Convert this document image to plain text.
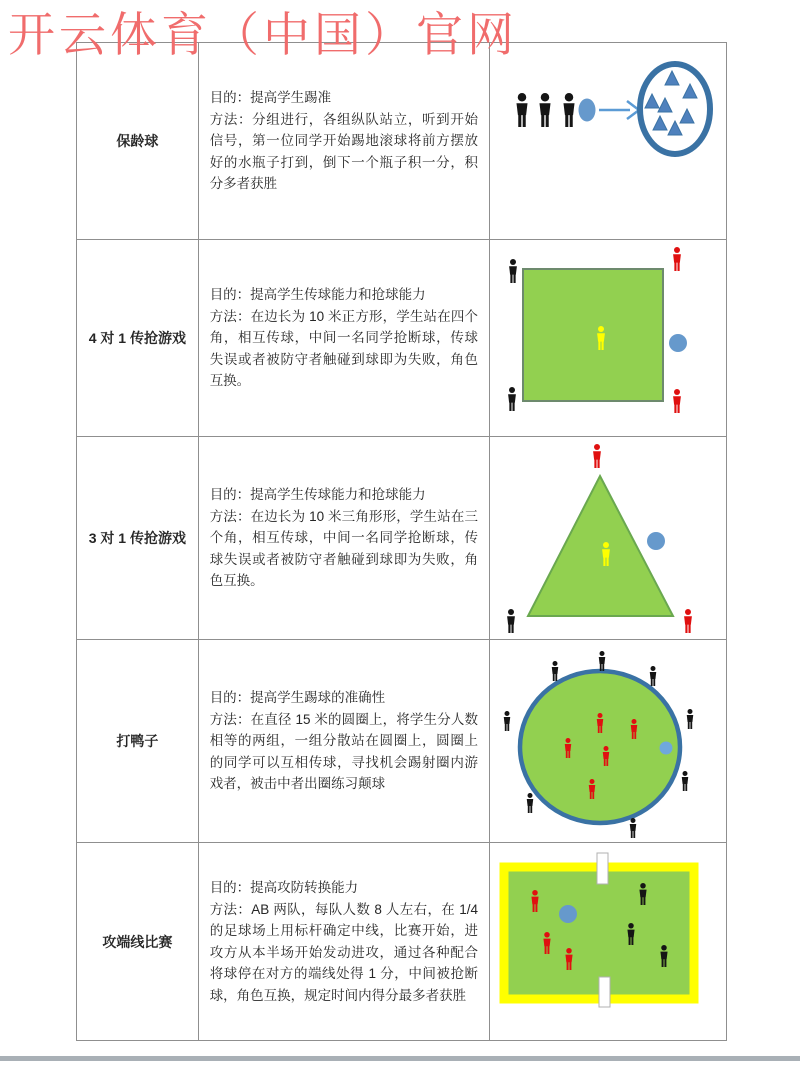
开云体育（中国）官网
保龄球
目的：提高学生踢准
方法：分组进行，各组纵队站立，听到开始信号，第一位同学开始踢地滚球将前方摆放好的水瓶子打到，倒下一个瓶子积一分，积分多者获胜
4 对 1 传抢游戏
目的：提高学生传球能力和抢球能力
方法：在边长为 10 米正方形，学生站在四个角，相互传球，中间一名同学抢断球，传球失误或者被防守者触碰到球即为失败，角色互换。
3 对 1 传抢游戏
目的：提高学生传球能力和抢球能力
方法：在边长为 10 米三角形形，学生站在三个角，相互传球，中间一名同学抢断球，传球失误或者被防守者触碰到球即为失败，角色互换。
打鸭子
目的：提高学生踢球的准确性
方法：在直径 15 米的圆圈上，将学生分人数相等的两组，一组分散站在圆圈上，圆圈上的同学可以互相传球，寻找机会踢射圈内游戏者，被击中者出圈练习颠球
攻端线比赛
目的：提高攻防转换能力
方法：AB 两队，每队人数 8 人左右，在 1/4 的足球场上用标杆确定中线，比赛开始，进攻方从本半场开始发动进攻，通过各种配合将球停在对方的端线处得 1 分，中间被抢断球，角色互换，规定时间内得分最多者获胜
